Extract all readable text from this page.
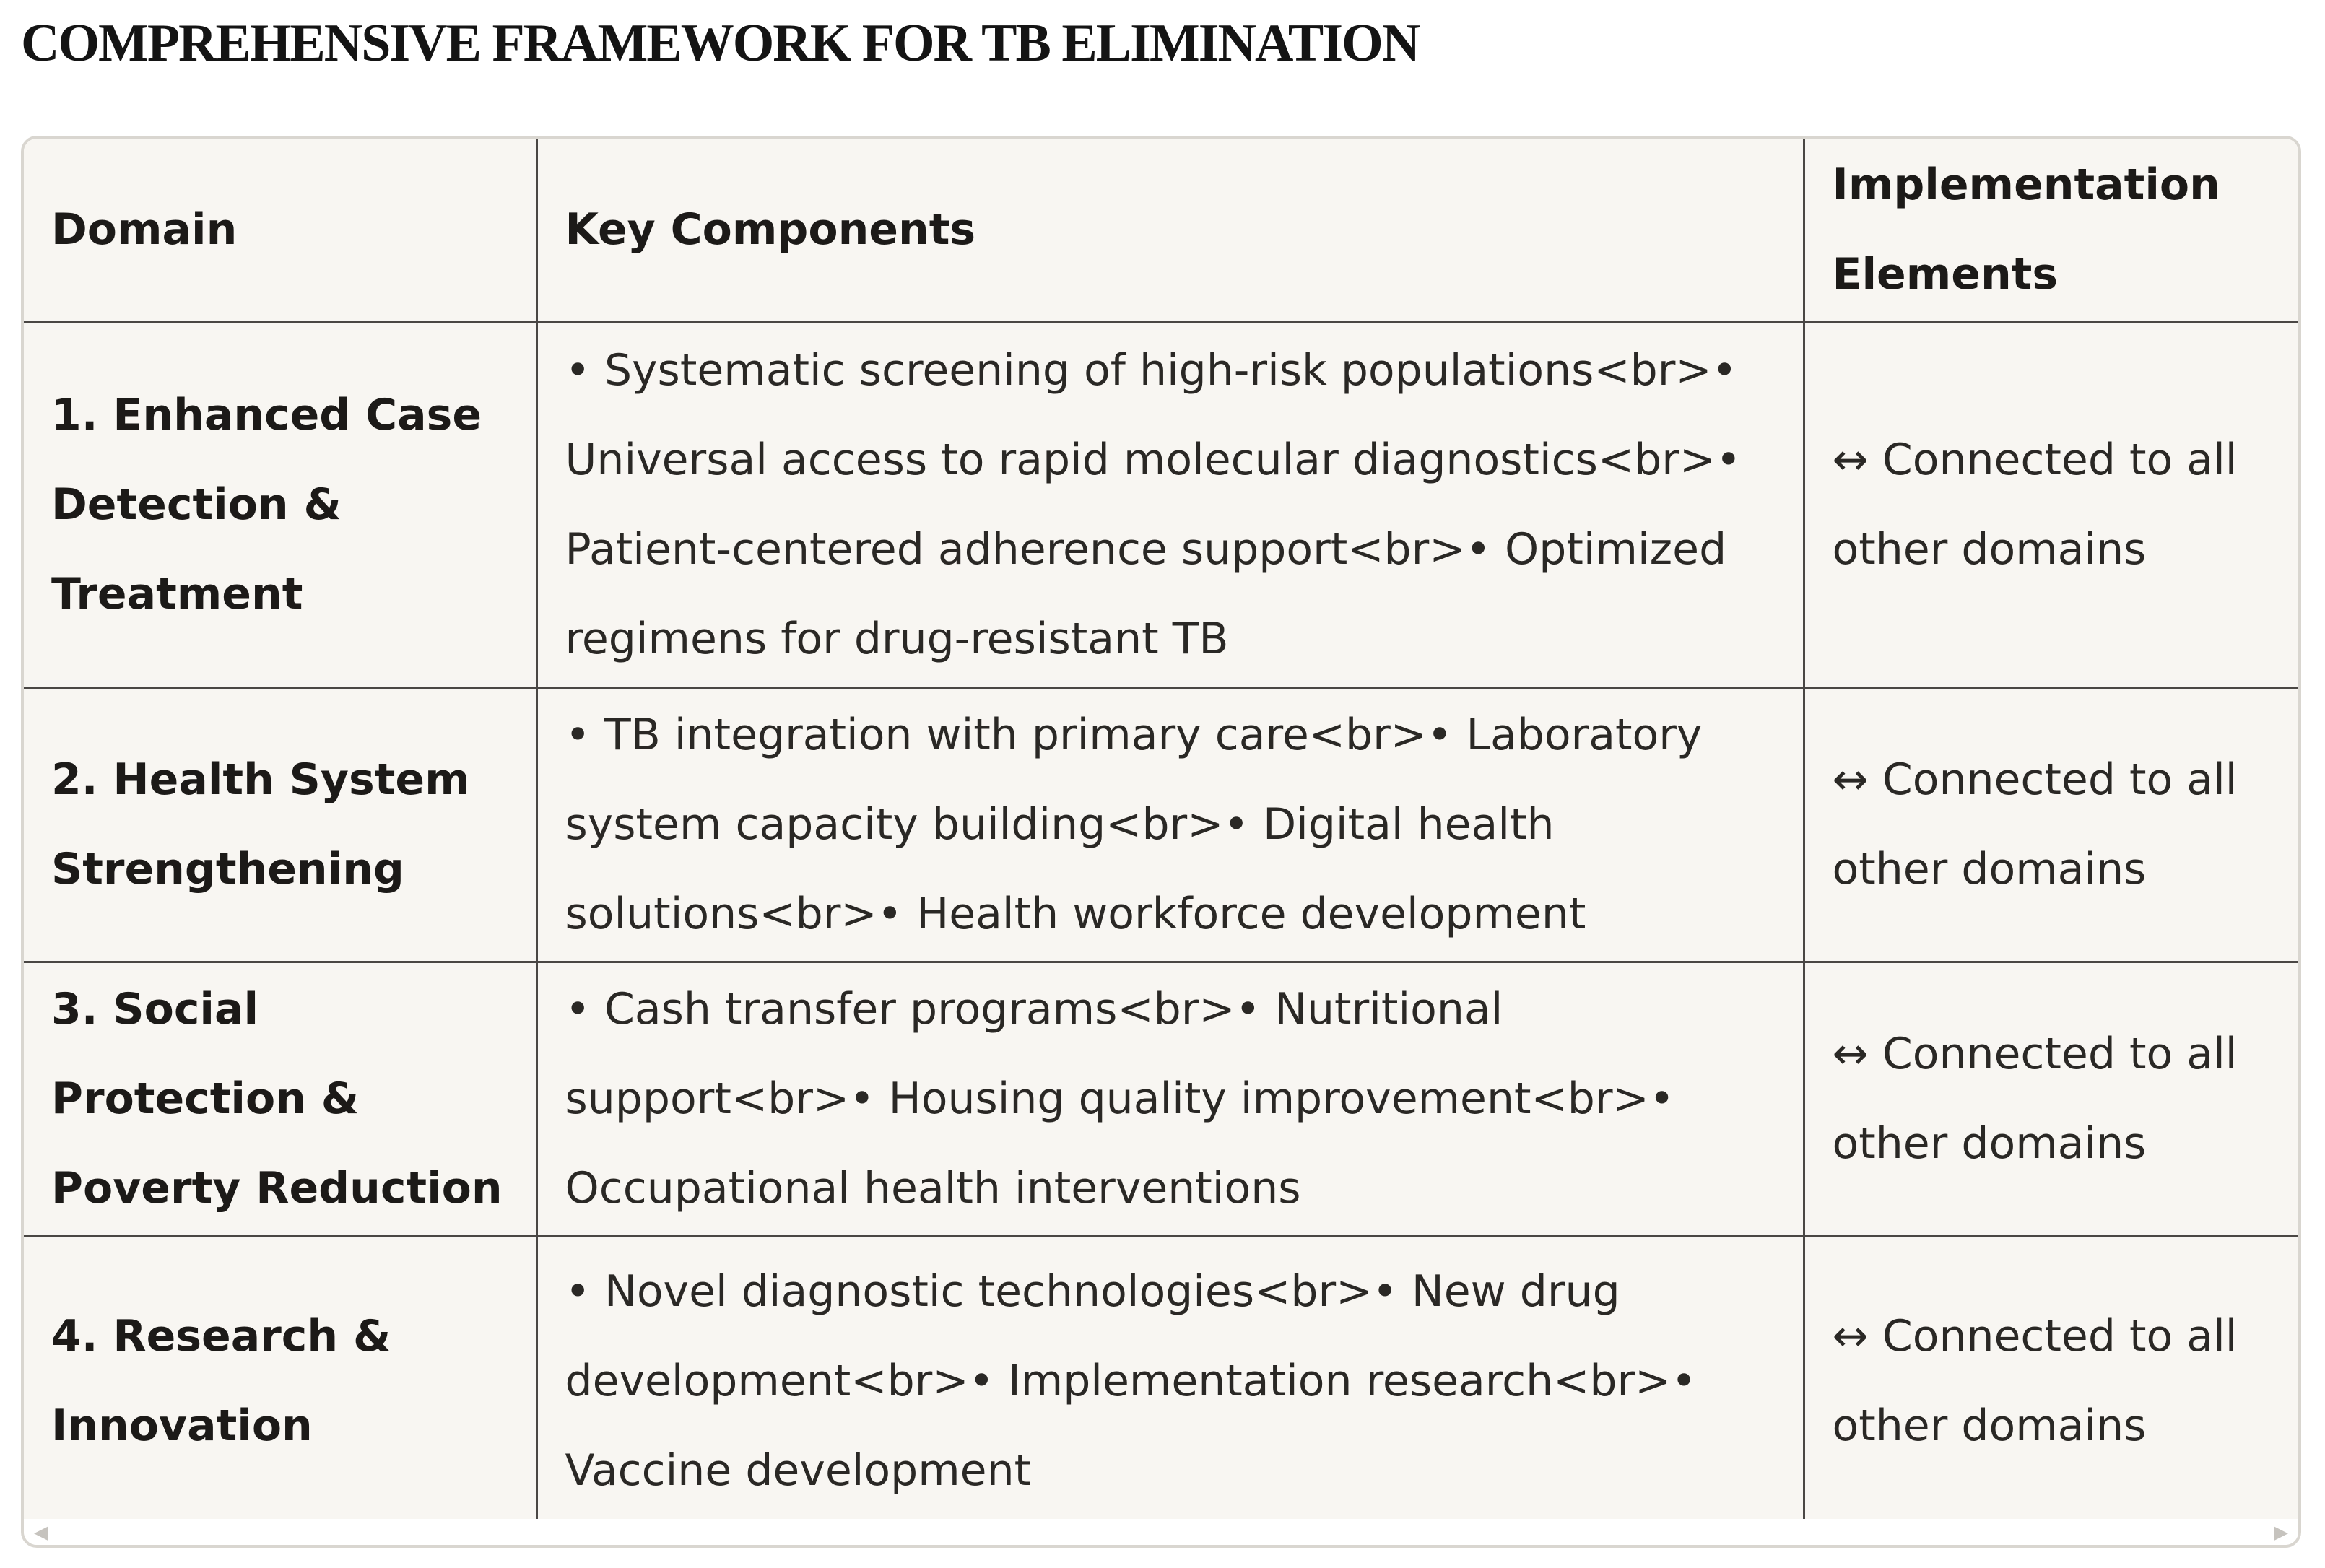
COMPREHENSIVE FRAMEWORK FOR TB ELIMINATION
Domain	Key Components	Implementation Elements
1. Enhanced Case Detection & Treatment	• Systematic screening of high-risk populations<br>• Universal access to rapid molecular diagnostics<br>• Patient-centered adherence support<br>• Optimized regimens for drug-resistant TB	↔ Connected to all other domains
2. Health System Strengthening	• TB integration with primary care<br>• Laboratory system capacity building<br>• Digital health solutions<br>• Health workforce development	↔ Connected to all other domains
3. Social Protection & Poverty Reduction	• Cash transfer programs<br>• Nutritional support<br>• Housing quality improvement<br>• Occupational health interventions	↔ Connected to all other domains
4. Research & Innovation	• Novel diagnostic technologies<br>• New drug development<br>• Implementation research<br>• Vaccine development	↔ Connected to all other domains
◀	▶
